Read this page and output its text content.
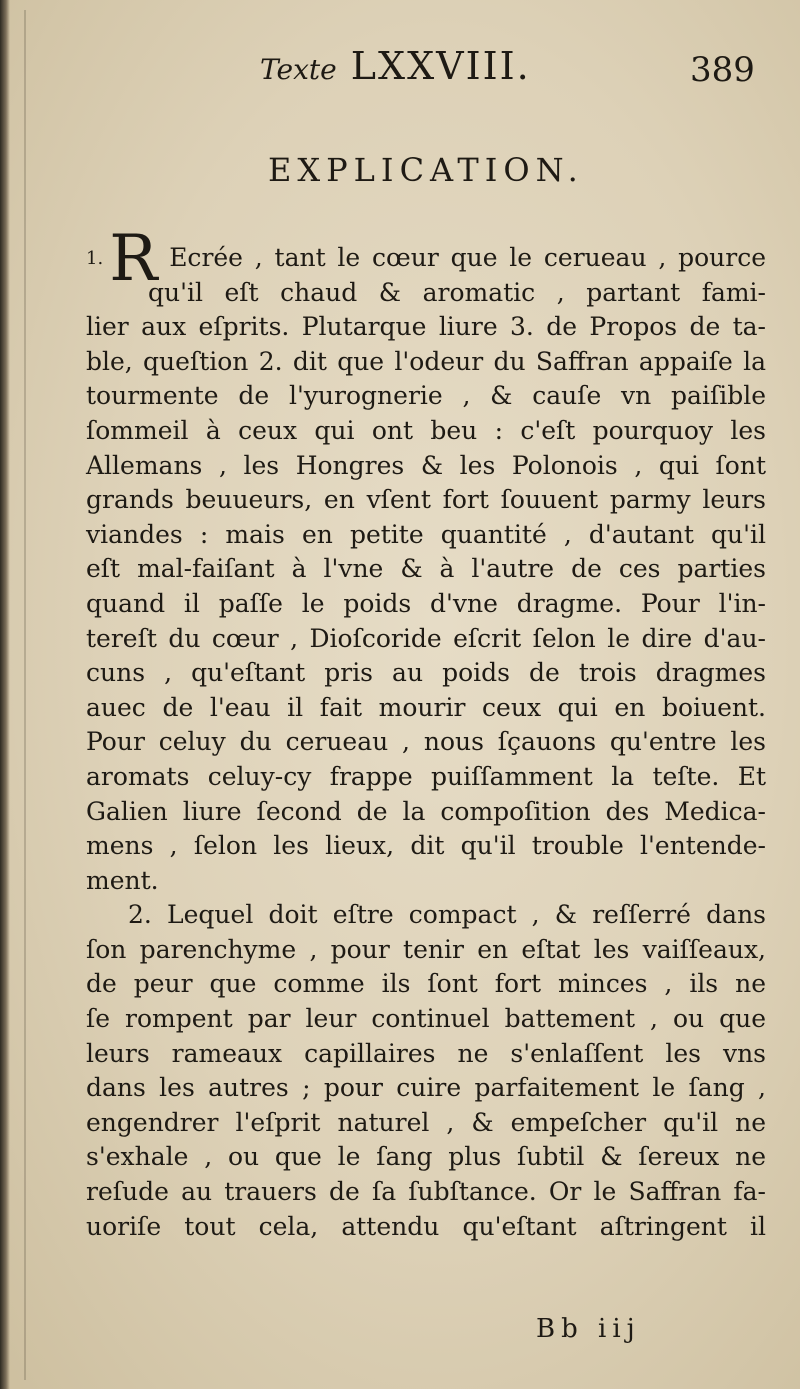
Texte LXXVIII.	389
EXPLICATION.
1.R Ecrée , tant le cœur que le cerueau , pource
qu'il eſt chaud & aromatic , partant fami-
lier aux eſprits. Plutarque liure 3. de Propos de ta-
ble, queſtion 2. dit que l'odeur du Saffran appaiſe la
tourmente de l'yurognerie , & cauſe vn paiſible
ſommeil à ceux qui ont beu : c'eſt pourquoy les
Allemans , les Hongres & les Polonois , qui ſont
grands beuueurs, en vſent fort ſouuent parmy leurs
viandes : mais en petite quantité , d'autant qu'il
eſt mal-faiſant à l'vne & à l'autre de ces parties
quand il paſſe le poids d'vne dragme. Pour l'in-
tereſt du cœur , Dioſcoride eſcrit ſelon le dire d'au-
cuns , qu'eſtant pris au poids de trois dragmes
auec de l'eau il fait mourir ceux qui en boiuent.
Pour celuy du cerueau , nous ſçauons qu'entre les
aromats celuy-cy frappe puiſſamment la teſte. Et
Galien liure ſecond de la compoſition des Medica-
mens , ſelon les lieux, dit qu'il trouble l'entende-
ment.
2. Lequel doit eſtre compact , & reſſerré dans
ſon parenchyme , pour tenir en eſtat les vaiſſeaux,
de peur que comme ils ſont fort minces , ils ne
ſe rompent par leur continuel battement , ou que
leurs rameaux capillaires ne s'enlaſſent les vns
dans les autres ; pour cuire parfaitement le ſang ,
engendrer l'eſprit naturel , & empeſcher qu'il ne
s'exhale , ou que le ſang plus ſubtil & ſereux ne
reſude au trauers de ſa ſubſtance. Or le Saffran fa-
uoriſe tout cela, attendu qu'eſtant aſtringent il
Bb iij
